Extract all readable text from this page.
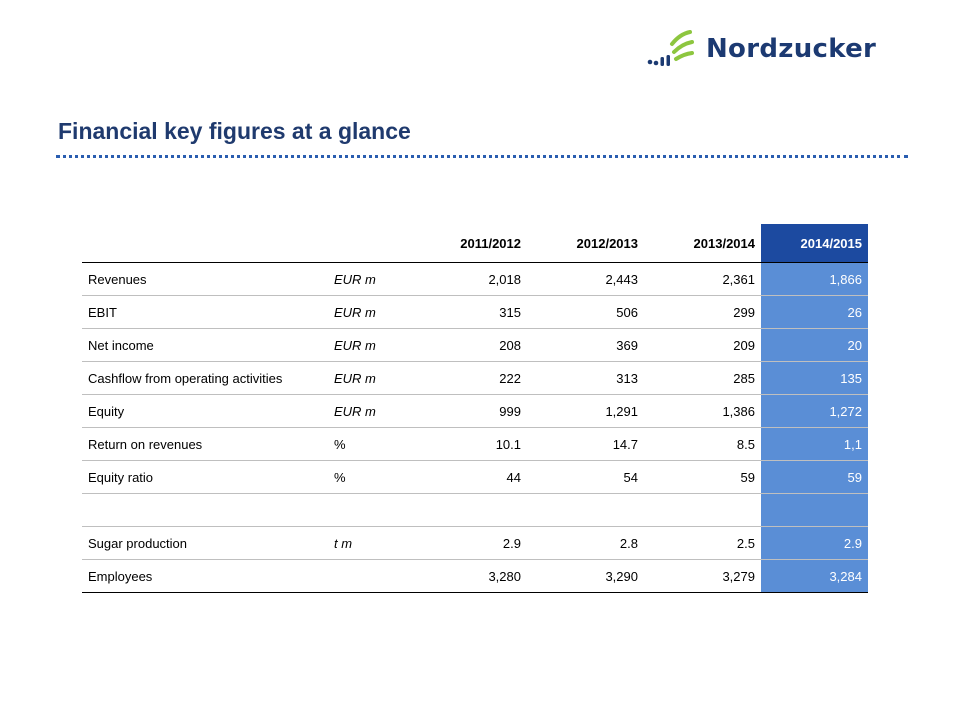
Nordzucker
Financial key figures at a glance
		2011/2012	2012/2013	2013/2014	2014/2015
Revenues	EUR m	2,018	2,443	2,361	1,866
EBIT	EUR m	315	506	299	26
Net income	EUR m	208	369	209	20
Cashflow from operating activities	EUR m	222	313	285	135
Equity	EUR m	999	1,291	1,386	1,272
Return on revenues	%	10.1	14.7	8.5	1,1
Equity ratio	%	44	54	59	59

Sugar production	t m	2.9	2.8	2.5	2.9
Employees		3,280	3,290	3,279	3,284
